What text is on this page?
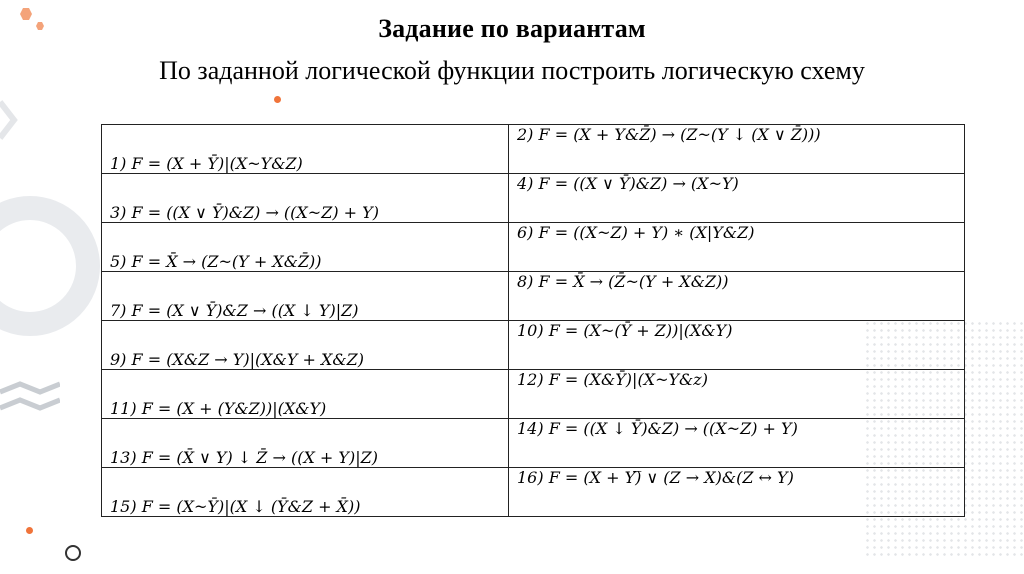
Задание по вариантам
По заданной логической функции построить логическую схему
1) F = (X + Ȳ)|(X~Y&Z)	2) F = (X + Y&Z̄) → (Z~(Y ↓ (X ∨ Z̄)))
3) F = ((X ∨ Ȳ)&Z) → ((X~Z) + Y)	4) F = ((X ∨ Ȳ)&Z) → (X~Y)
5) F = X̄ → (Z~(Y + X&Z̄))	6) F = ((X~Z) + Y) ∗ (X|Y&Z)
7) F = (X ∨ Ȳ)&Z → ((X ↓ Y)|Z)	8) F = X̄ → (Z̄~(Y + X&Z))
9) F = (X&Z → Y)|(X&Y + X&Z)	10) F = (X~(Ȳ + Z))|(X&Y)
11) F = (X + (Y&Z))|(X&Y)	12) F = (X&Ȳ)|(X~Y&z)
13) F = (X̄ ∨ Y) ↓ Z̄ → ((X + Y)|Z)	14) F = ((X ↓ Ȳ)&Z) → ((X~Z) + Y)
15) F = (X~Ȳ)|(X ↓ (Ȳ&Z + X̄))	16) F = (X + Y)̅ ∨ (Z → X)&(Z ↔ Y)
